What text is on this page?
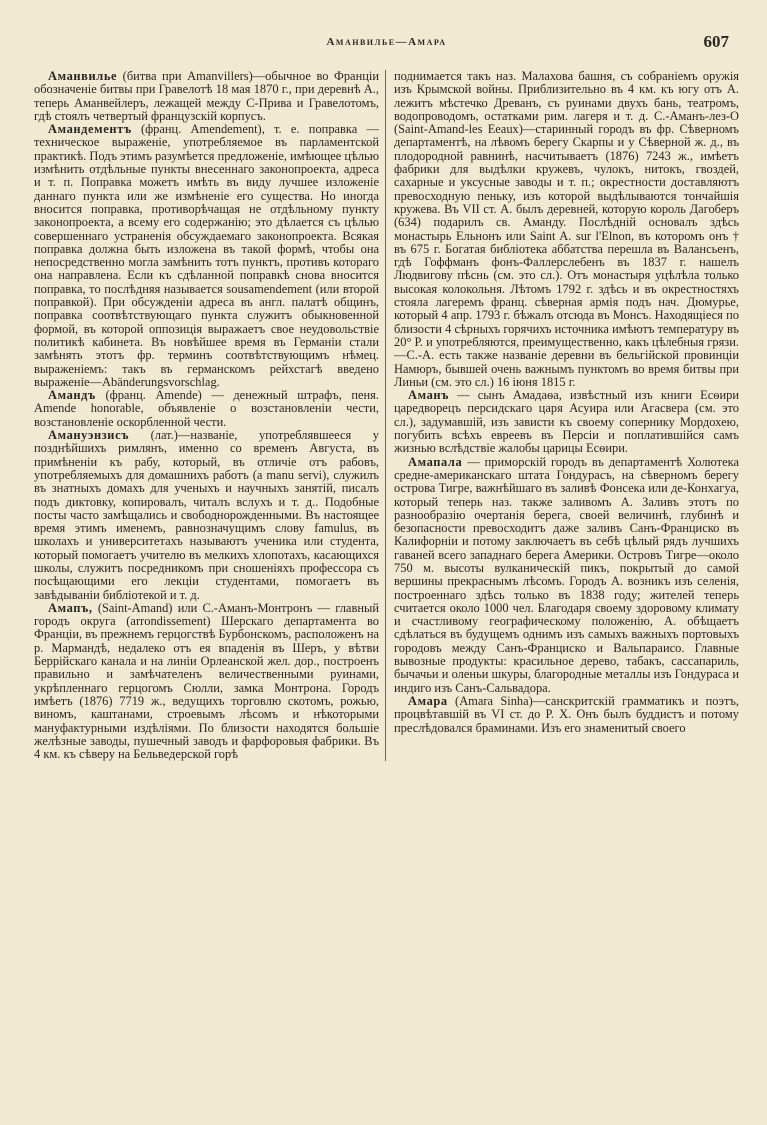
Аманвилье—Амара	607

Аманвилье (битва при Amanvillers)—обычное во Франціи обозначеніе битвы при Гравелотѣ 18 мая 1870 г., при деревнѣ А., теперь Аманвейлеръ, лежащей между С-Прива и Гравелотомъ, гдѣ стоялъ четвертый французскій корпусъ.

Амандементъ (франц. Amendement), т. е. поправка — техническое выраженіе, употребляемое въ парламентской практикѣ. Подъ этимъ разумѣется предложеніе, имѣющее цѣлью измѣнить отдѣльные пункты внесеннаго законопроекта, адреса и т. п. Поправка можетъ имѣть въ виду лучшее изложеніе даннаго пункта или же измѣненіе его существа. Но иногда вносится поправка, противорѣчащая не отдѣльному пункту законопроекта, а всему его содержанію; это дѣлается съ цѣлью совершеннаго устраненія обсуждаемаго законопроекта. Всякая поправка должна быть изложена въ такой формѣ, чтобы она непосредственно могла замѣнить тотъ пунктъ, противъ котораго она направлена. Если къ сдѣланной поправкѣ снова вносится поправка, то послѣдняя называется sousamendement (или второй поправкой). При обсужденіи адреса въ англ. палатѣ общинъ, поправка соотвѣтствующаго пункта служитъ обыкновенной формой, въ которой оппозиція выражаетъ свое неудовольствіе политикѣ кабинета. Въ новѣйшее время въ Германіи стали замѣнять этотъ фр. терминъ соотвѣтствующимъ нѣмец. выраженіемъ: такъ въ германскомъ рейхстагѣ введено выраженіе—Abänderungsvorschlag.

Амандъ (франц. Amende) — денежный штрафъ, пеня. Amende honorable, объявленіе о возстановленіи чести, возстановленіе оскорбленной чести.

Амануэнзисъ (лат.)—названіе, употреблявшееся у позднѣйшихъ римлянъ, именно со временъ Августа, въ примѣненіи къ рабу, который, въ отличіе отъ рабовъ, употребляемыхъ для домашнихъ работъ (a manu servi), служилъ въ знатныхъ домахъ для ученыхъ и научныхъ занятій, писалъ подъ диктовку, копировалъ, читалъ вслухъ и т. д.. Подобные посты часто замѣщались и свободнорожденными. Въ настоящее время этимъ именемъ, равнозначущимъ слову famulus, въ школахъ и университетахъ называютъ ученика или студента, который помогаетъ учителю въ мелкихъ хлопотахъ, касающихся школы, служитъ посредникомъ при сношеніяхъ профессора съ посѣщающими его лекціи студентами, помогаетъ въ завѣдываніи библіотекой и т. д.

Амапъ, (Saint-Amand) или С.-Аманъ-Монтронъ — главный городъ округа (arrondissement) Шерскаго департамента во Франціи, въ прежнемъ герцогствѣ Бурбонскомъ, расположенъ на р. Мармандѣ, недалеко отъ ея впаденія въ Шеръ, у вѣтви Беррійскаго канала и на линіи Орлеанской жел. дор., построенъ правильно и замѣчателенъ величественными руинами, укрѣпленнаго герцогомъ Сюлли, замка Монтрона. Городъ имѣетъ (1876) 7719 ж., ведущихъ торговлю скотомъ, рожью, виномъ, каштанами, строевымъ лѣсомъ и нѣкоторыми мануфактурными издѣліями. По близости находятся большіе желѣзные заводы, пушечный заводъ и фарфоровыя фабрики. Въ 4 км. къ сѣверу на Бельведерской горѣ

поднимается такъ наз. Малахова башня, съ собраніемъ оружія изъ Крымской войны. Приблизительно въ 4 км. къ югу отъ А. лежитъ мѣстечко Древанъ, съ руинами двухъ бань, театромъ, водопроводомъ, остатками рим. лагеря и т. д. С.-Аманъ-лез-О (Saint-Amand-les Eeaux)—старинный городъ въ фр. Сѣверномъ департаментѣ, на лѣвомъ берегу Скарпы и у Сѣверной ж. д., въ плодородной равнинѣ, насчитываетъ (1876) 7243 ж., имѣетъ фабрики для выдѣлки кружевъ, чулокъ, нитокъ, гвоздей, сахарные и уксусные заводы и т. п.; окрестности доставляютъ превосходную пеньку, изъ которой выдѣлываются тончайшія кружева. Въ VII ст. А. былъ деревней, которую король Дагоберъ (634) подарилъ св. Аманду. Послѣдній основалъ здѣсь монастырь Ельнонъ или Saint A. sur l'Elnon, въ которомъ онъ † въ 675 г. Богатая библіотека аббатства перешла въ Валансьенъ, гдѣ Гоффманъ фонъ-Фаллерслебенъ въ 1837 г. нашелъ Людвигову пѣснь (см. это сл.). Отъ монастыря уцѣлѣла только высокая колокольня. Лѣтомъ 1792 г. здѣсь и въ окрестностяхъ стояла лагеремъ франц. сѣверная армія подъ нач. Дюмурье, который 4 апр. 1793 г. бѣжалъ отсюда въ Монсъ. Находящіеся по близости 4 сѣрныхъ горячихъ источника имѣютъ температуру въ 20° Р. и употребляются, преимущественно, какъ цѣлебныя грязи.—С.-А. есть также названіе деревни въ бельгійской провинціи Намюръ, бывшей очень важнымъ пунктомъ во время битвы при Линьи (см. это сл.) 16 іюня 1815 г.

Аманъ — сынъ Амадаѳа, извѣстный изъ книги Есѳири царедворецъ персидскаго царя Асуира или Агасвера (см. это сл.), задумавшій, изъ зависти къ своему сопернику Мордохею, погубить всѣхъ евреевъ въ Персіи и поплатившійся самъ жизнью вслѣдствіе жалобы царицы Есѳири.

Амапала — приморскій городъ въ департаментѣ Холютека средне-американскаго штата Гондурасъ, на сѣверномъ берегу острова Тигре, важнѣйшаго въ заливѣ Фонсека или де-Конхагуа, который теперь наз. также заливомъ А. Заливъ этотъ по разнообразію очертанія берега, своей величинѣ, глубинѣ и безопасности превосходитъ даже заливъ Санъ-Франциско въ Калифорніи и потому заключаетъ въ себѣ цѣлый рядъ лучшихъ гаваней всего западнаго берега Америки. Островъ Тигре—около 750 м. высоты вулканическій пикъ, покрытый до самой вершины прекраснымъ лѣсомъ. Городъ А. возникъ изъ селенія, построеннаго здѣсь только въ 1838 году; жителей теперь считается около 1000 чел. Благодаря своему здоровому климату и счастливому географическому положенію, А. обѣщаетъ сдѣлаться въ будущемъ однимъ изъ самыхъ важныхъ портовыхъ городовъ между Санъ-Франциско и Вальпараисо. Главные вывозные продукты: красильное дерево, табакъ, сассапариль, бычачьи и оленьи шкуры, благородные металлы изъ Гондураса и индиго изъ Санъ-Сальвадора.

Амара (Amara Sinha)—санскритскій грамматикъ и поэтъ, процвѣтавшій въ VI ст. до Р. Х. Онъ былъ буддистъ и потому преслѣдовался браминами. Изъ его знаменитый своего
